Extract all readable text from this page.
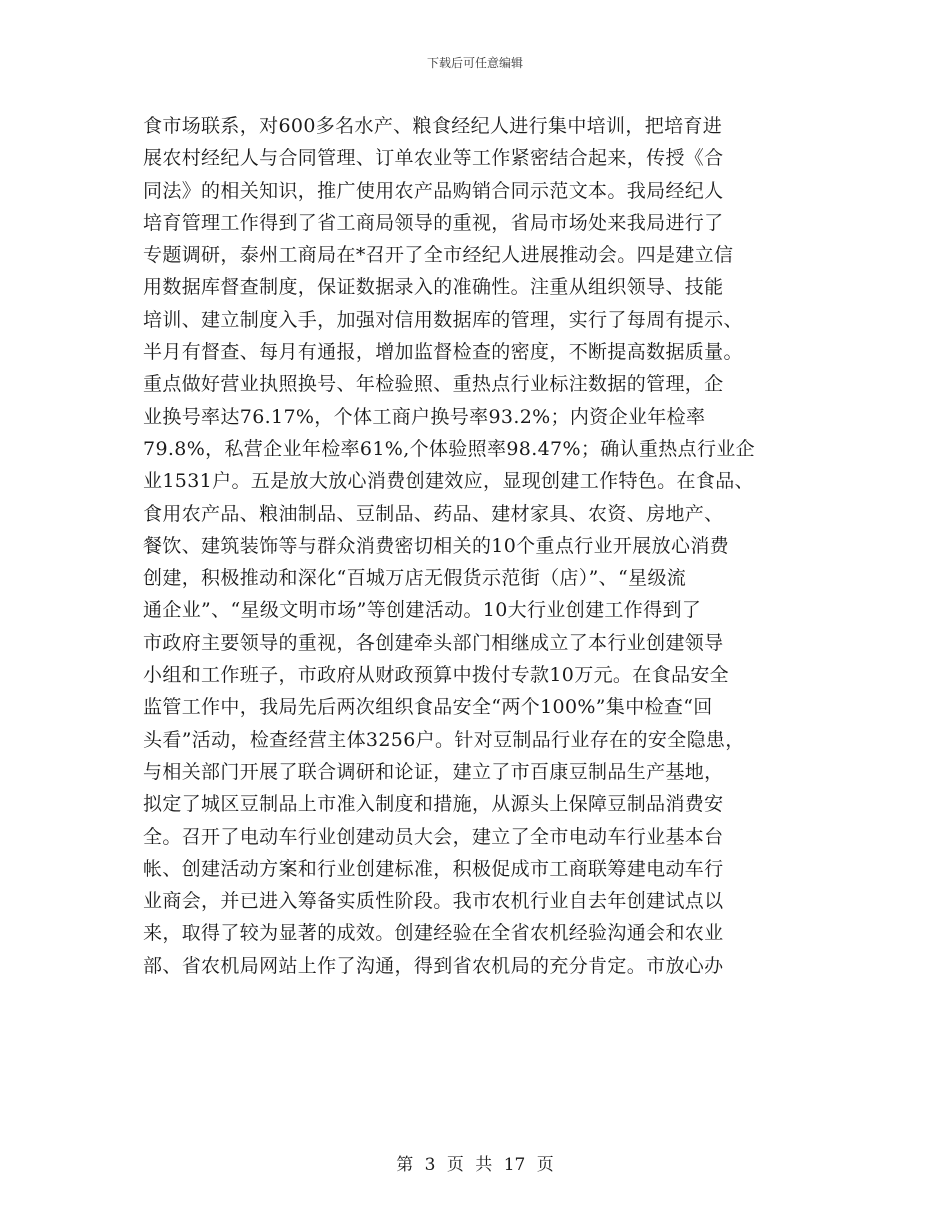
下载后可任意编辑
食市场联系，对600多名水产、粮食经纪人进行集中培训，把培育进
展农村经纪人与合同管理、订单农业等工作紧密结合起来，传授《合
同法》的相关知识，推广使用农产品购销合同示范文本。我局经纪人
培育管理工作得到了省工商局领导的重视，省局市场处来我局进行了
专题调研，泰州工商局在*召开了全市经纪人进展推动会。四是建立信
用数据库督查制度，保证数据录入的准确性。注重从组织领导、技能
培训、建立制度入手，加强对信用数据库的管理，实行了每周有提示、
半月有督查、每月有通报，增加监督检查的密度，不断提高数据质量。
重点做好营业执照换号、年检验照、重热点行业标注数据的管理，企
业换号率达76.17%，个体工商户换号率93.2%；内资企业年检率
79.8%，私营企业年检率61%,个体验照率98.47%；确认重热点行业企
业1531户。五是放大放心消费创建效应，显现创建工作特色。在食品、
食用农产品、粮油制品、豆制品、药品、建材家具、农资、房地产、
餐饮、建筑装饰等与群众消费密切相关的10个重点行业开展放心消费
创建，积极推动和深化“百城万店无假货示范街（店）”、“星级流
通企业”、“星级文明市场”等创建活动。10大行业创建工作得到了
市政府主要领导的重视，各创建牵头部门相继成立了本行业创建领导
小组和工作班子，市政府从财政预算中拨付专款10万元。在食品安全
监管工作中，我局先后两次组织食品安全“两个100%”集中检查“回
头看”活动，检查经营主体3256户。针对豆制品行业存在的安全隐患，
与相关部门开展了联合调研和论证，建立了市百康豆制品生产基地，
拟定了城区豆制品上市准入制度和措施，从源头上保障豆制品消费安
全。召开了电动车行业创建动员大会，建立了全市电动车行业基本台
帐、创建活动方案和行业创建标准，积极促成市工商联筹建电动车行
业商会，并已进入筹备实质性阶段。我市农机行业自去年创建试点以
来，取得了较为显著的成效。创建经验在全省农机经验沟通会和农业
部、省农机局网站上作了沟通，得到省农机局的充分肯定。市放心办
第 3 页 共 17 页
